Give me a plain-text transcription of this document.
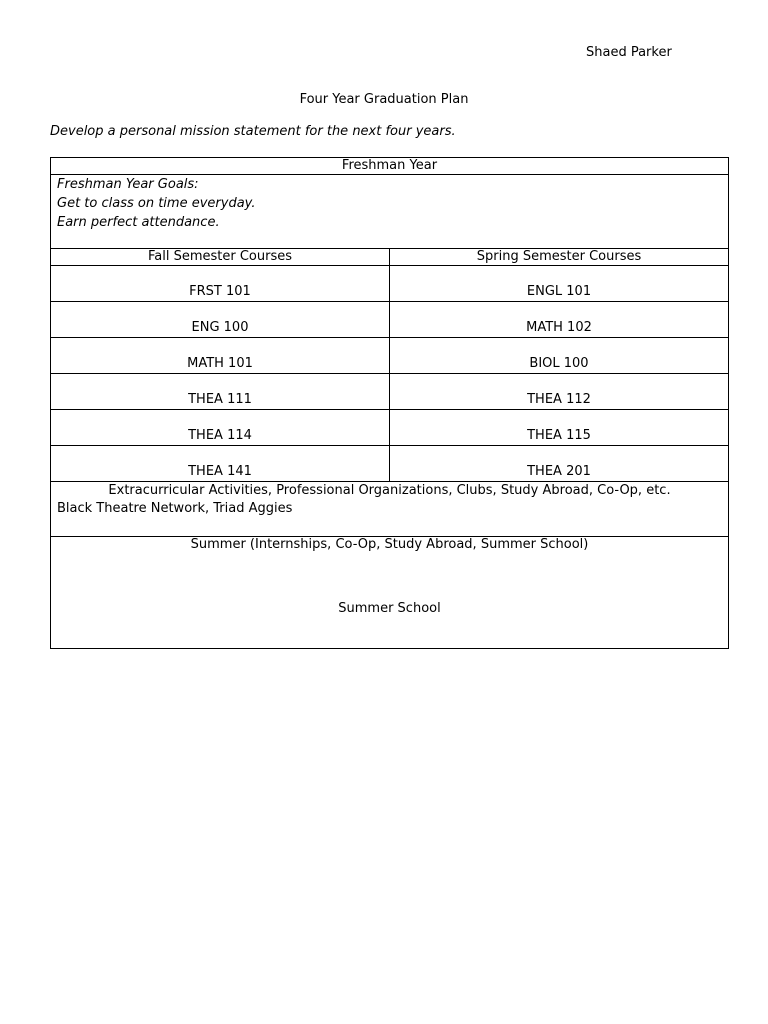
Shaed Parker
Four Year Graduation Plan
Develop a personal mission statement for the next four years.
Freshman Year	

Freshman Year Goals:
Get to class on time everyday.
Earn perfect attendance.	

Fall Semester Courses	Spring Semester Courses
FRST 101	ENGL 101
ENG 100	MATH 102
MATH 101	BIOL 100
THEA 111	THEA 112
THEA 114	THEA 115
THEA 141	THEA 201

Extracurricular Activities, Professional Organizations, Clubs, Study Abroad, Co-Op, etc.
Black Theatre Network, Triad Aggies	

Summer (Internships, Co-Op, Study Abroad, Summer School)
Summer School	
